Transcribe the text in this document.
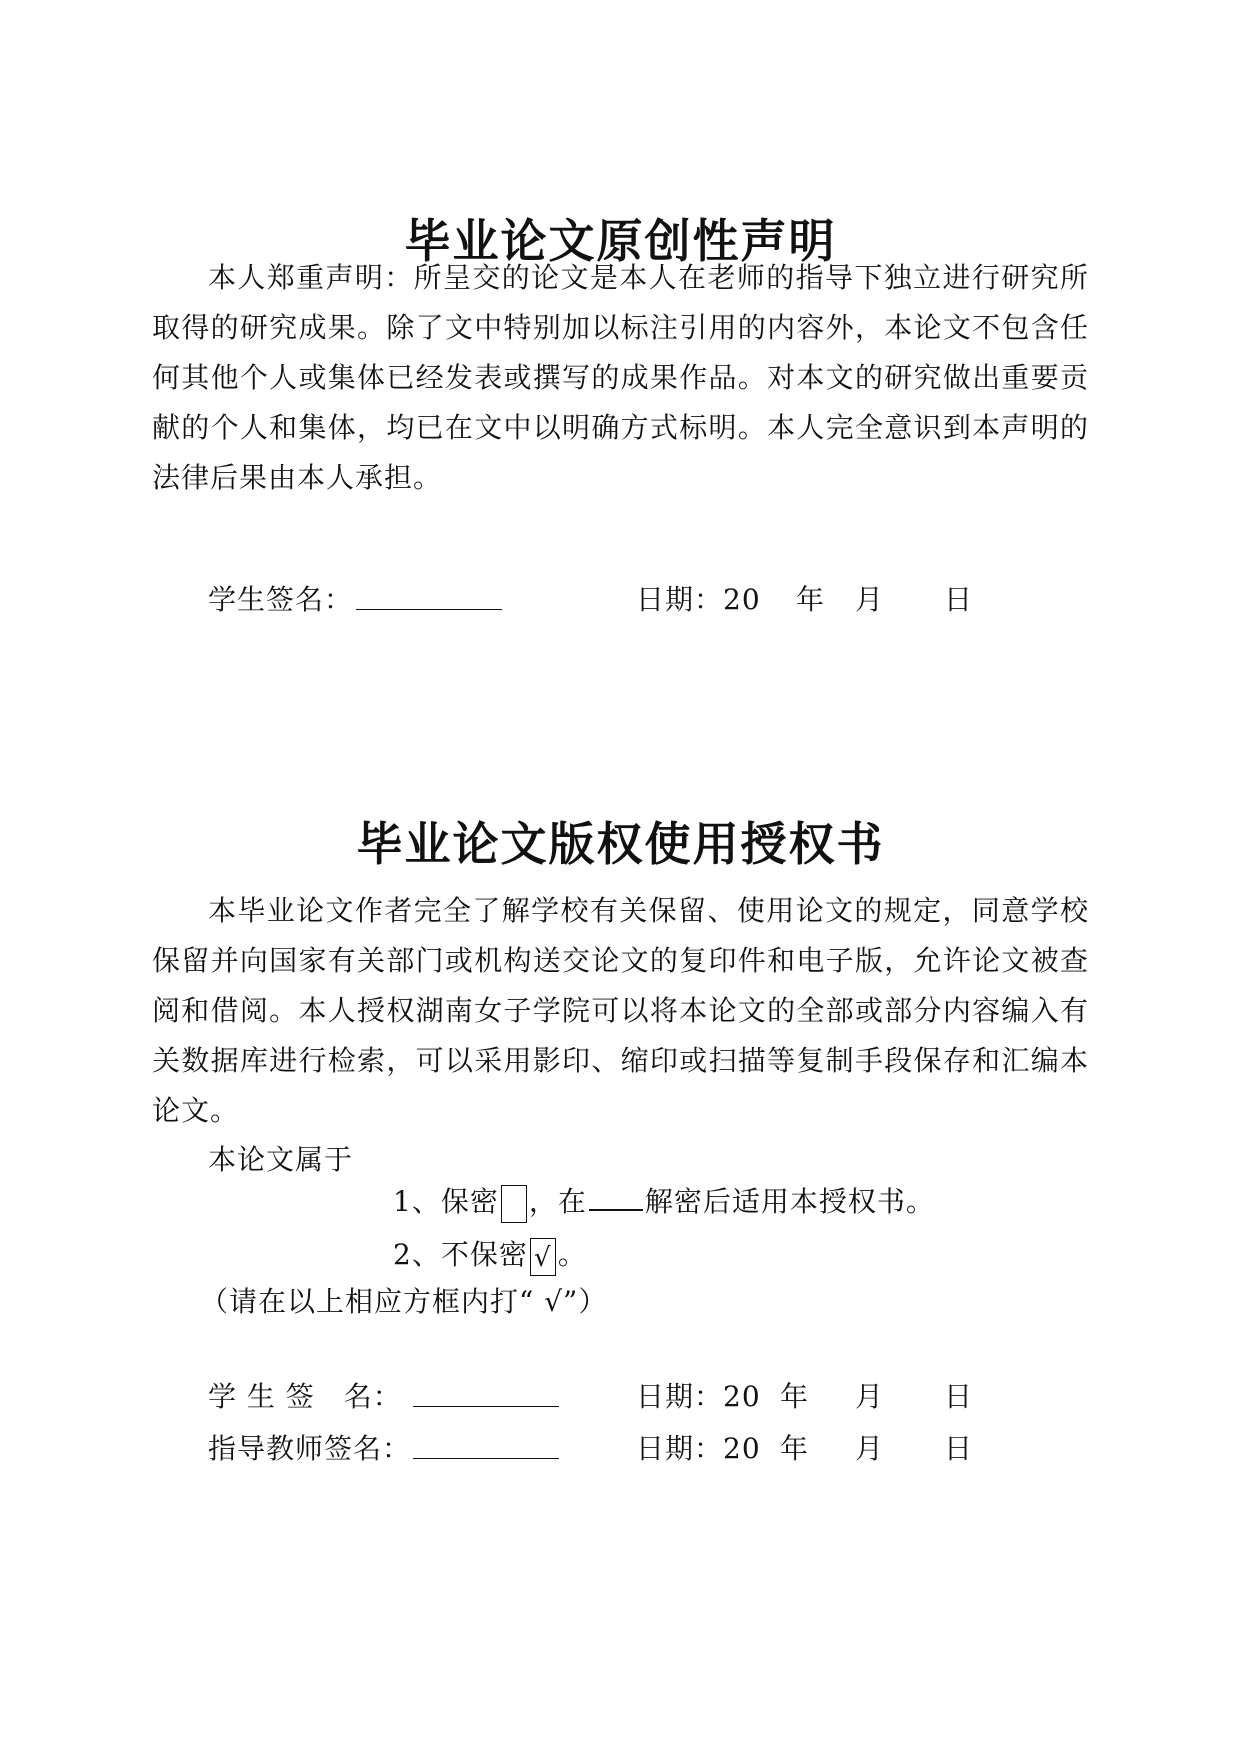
毕业论文原创性声明
本人郑重声明：所呈交的论文是本人在老师的指导下独立进行研究所取得的研究成果。除了文中特别加以标注引用的内容外，本论文不包含任何其他个人或集体已经发表或撰写的成果作品。对本文的研究做出重要贡献的个人和集体，均已在文中以明确方式标明。本人完全意识到本声明的法律后果由本人承担。
学生签名：	日期：20 年 月 日
毕业论文版权使用授权书
本毕业论文作者完全了解学校有关保留、使用论文的规定，同意学校保留并向国家有关部门或机构送交论文的复印件和电子版，允许论文被查阅和借阅。本人授权湖南女子学院可以将本论文的全部或部分内容编入有关数据库进行检索，可以采用影印、缩印或扫描等复制手段保存和汇编本论文。
本论文属于
1、保密 ，在 解密后适用本授权书。
2、不保密 √ 。
（请在以上相应方框内打“ √”）
学 生 签　名：	日期：20 年 月 日
指导教师签名：	日期：20 年 月 日
